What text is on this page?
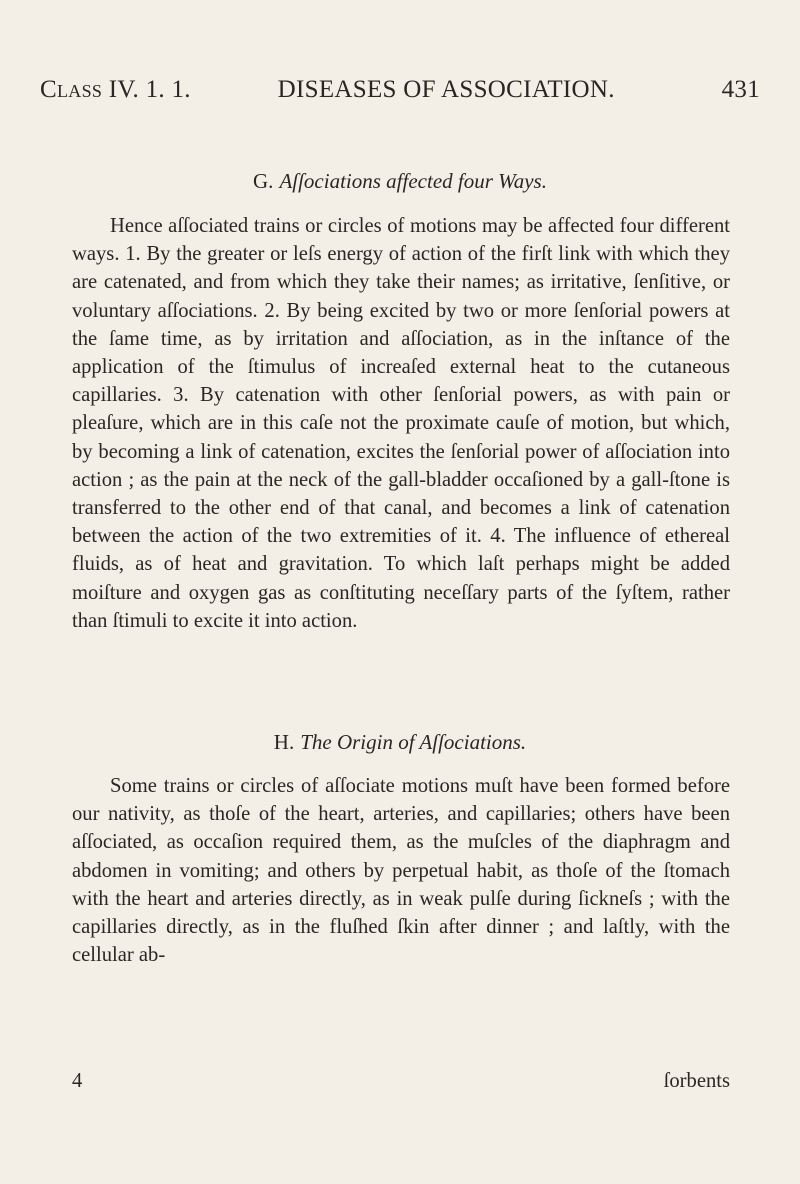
Class IV. 1. 1.	DISEASES OF ASSOCIATION.	431
G. Aſſociations affected four Ways.

Hence aſſociated trains or circles of motions may be affected four different ways. 1. By the greater or leſs energy of action of the firſt link with which they are catenated, and from which they take their names; as irritative, ſenſitive, or voluntary aſſociations. 2. By being excited by two or more ſenſorial powers at the ſame time, as by irritation and aſſociation, as in the inſtance of the application of the ſtimulus of increaſed external heat to the cutaneous capillaries. 3. By catenation with other ſenſorial powers, as with pain or pleaſure, which are in this caſe not the proximate cauſe of motion, but which, by becoming a link of catenation, excites the ſenſorial power of aſſociation into action ; as the pain at the neck of the gall-bladder occaſioned by a gall-ſtone is transferred to the other end of that canal, and becomes a link of catenation between the action of the two extremities of it. 4. The influence of ethereal fluids, as of heat and gravitation. To which laſt perhaps might be added moiſture and oxygen gas as conſtituting neceſſary parts of the ſyſtem, rather than ſtimuli to excite it into action.

H. The Origin of Aſſociations.

Some trains or circles of aſſociate motions muſt have been formed before our nativity, as thoſe of the heart, arteries, and capillaries; others have been aſſociated, as occaſion required them, as the muſcles of the diaphragm and abdomen in vomiting; and others by perpetual habit, as thoſe of the ſtomach with the heart and arteries directly, as in weak pulſe during ſickneſs ; with the capillaries directly, as in the fluſhed ſkin after dinner ; and laſtly, with the cellular ab-

4	ſorbents
